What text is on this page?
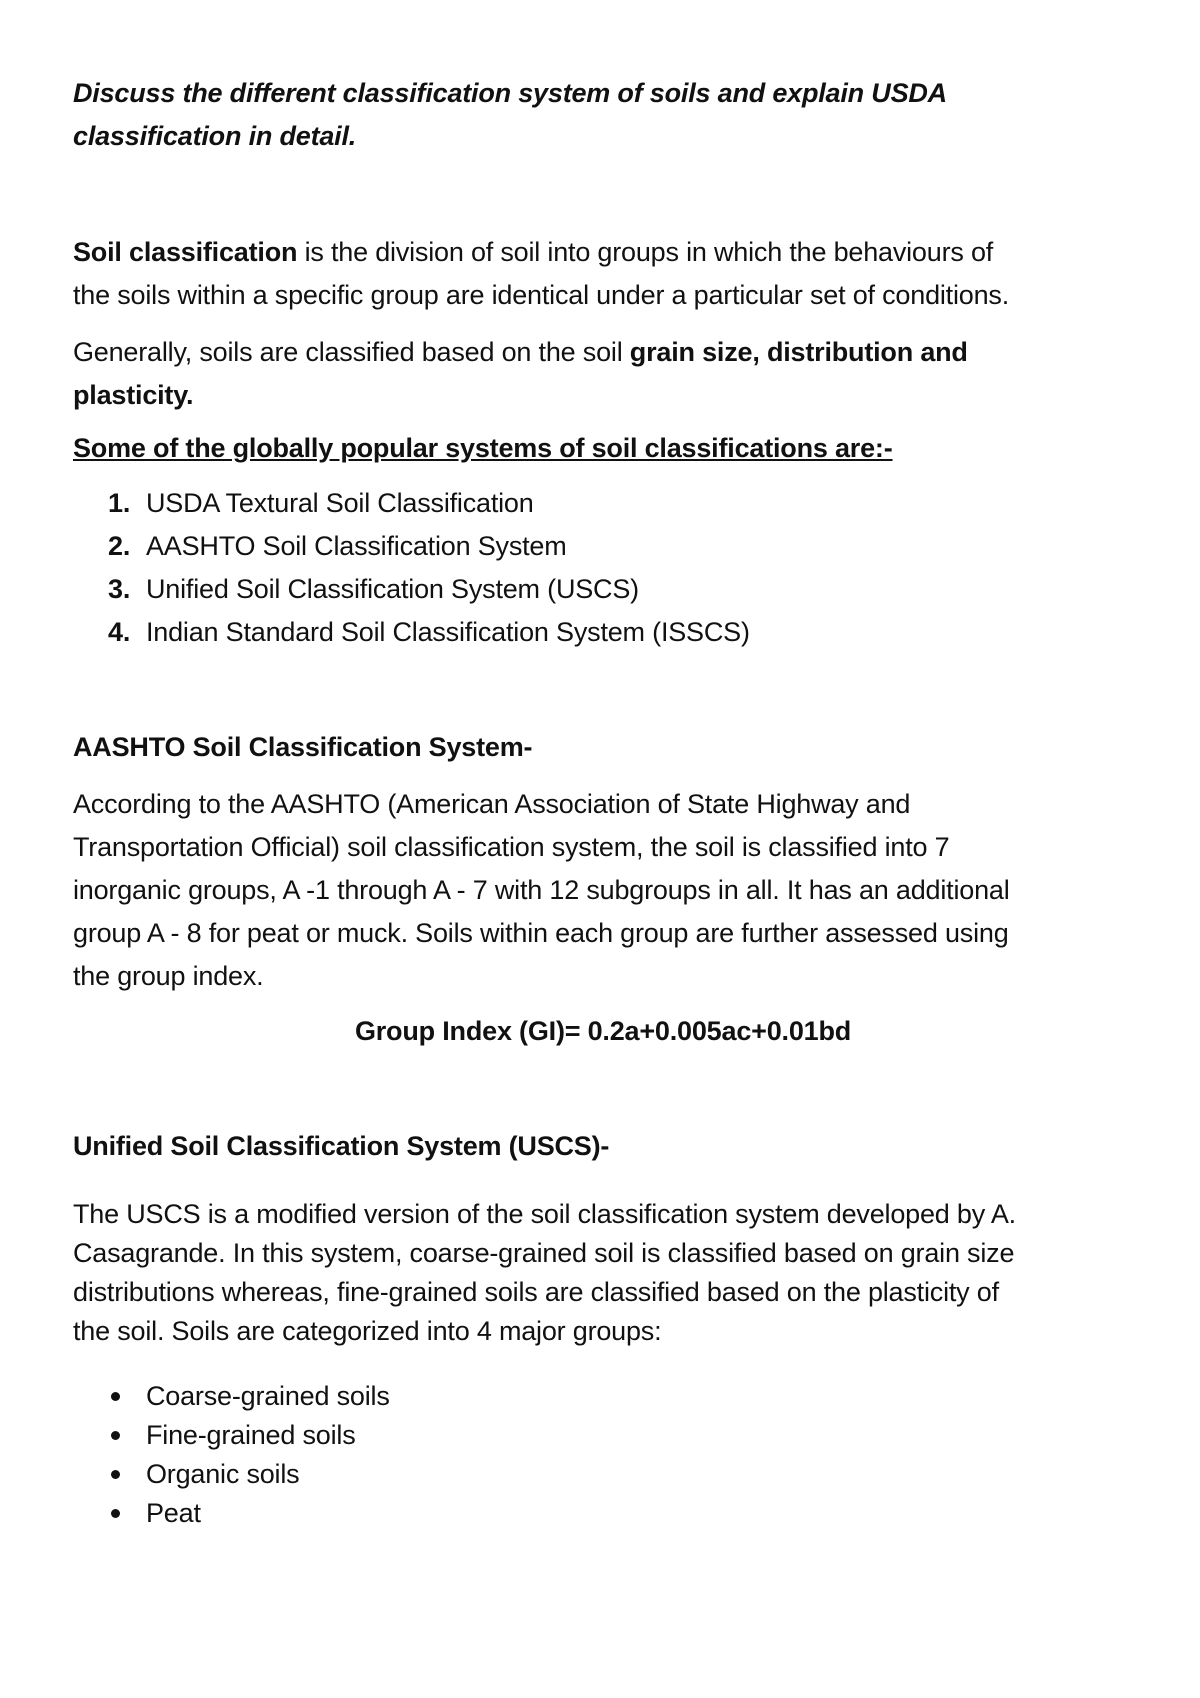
Discuss the different classification system of soils and explain USDA
classification in detail.

Soil classification is the division of soil into groups in which the behaviours of
the soils within a specific group are identical under a particular set of conditions.

Generally, soils are classified based on the soil grain size, distribution and
plasticity.

Some of the globally popular systems of soil classifications are:-

1. USDA Textural Soil Classification
2. AASHTO Soil Classification System
3. Unified Soil Classification System (USCS)
4. Indian Standard Soil Classification System (ISSCS)

AASHTO Soil Classification System-

According to the AASHTO (American Association of State Highway and
Transportation Official) soil classification system, the soil is classified into 7
inorganic groups, A -1 through A - 7 with 12 subgroups in all. It has an additional
group A - 8 for peat or muck. Soils within each group are further assessed using
the group index.

Group Index (GI)= 0.2a+0.005ac+0.01bd

Unified Soil Classification System (USCS)-

The USCS is a modified version of the soil classification system developed by A.
Casagrande. In this system, coarse-grained soil is classified based on grain size
distributions whereas, fine-grained soils are classified based on the plasticity of
the soil. Soils are categorized into 4 major groups:

Coarse-grained soils
Fine-grained soils
Organic soils
Peat
